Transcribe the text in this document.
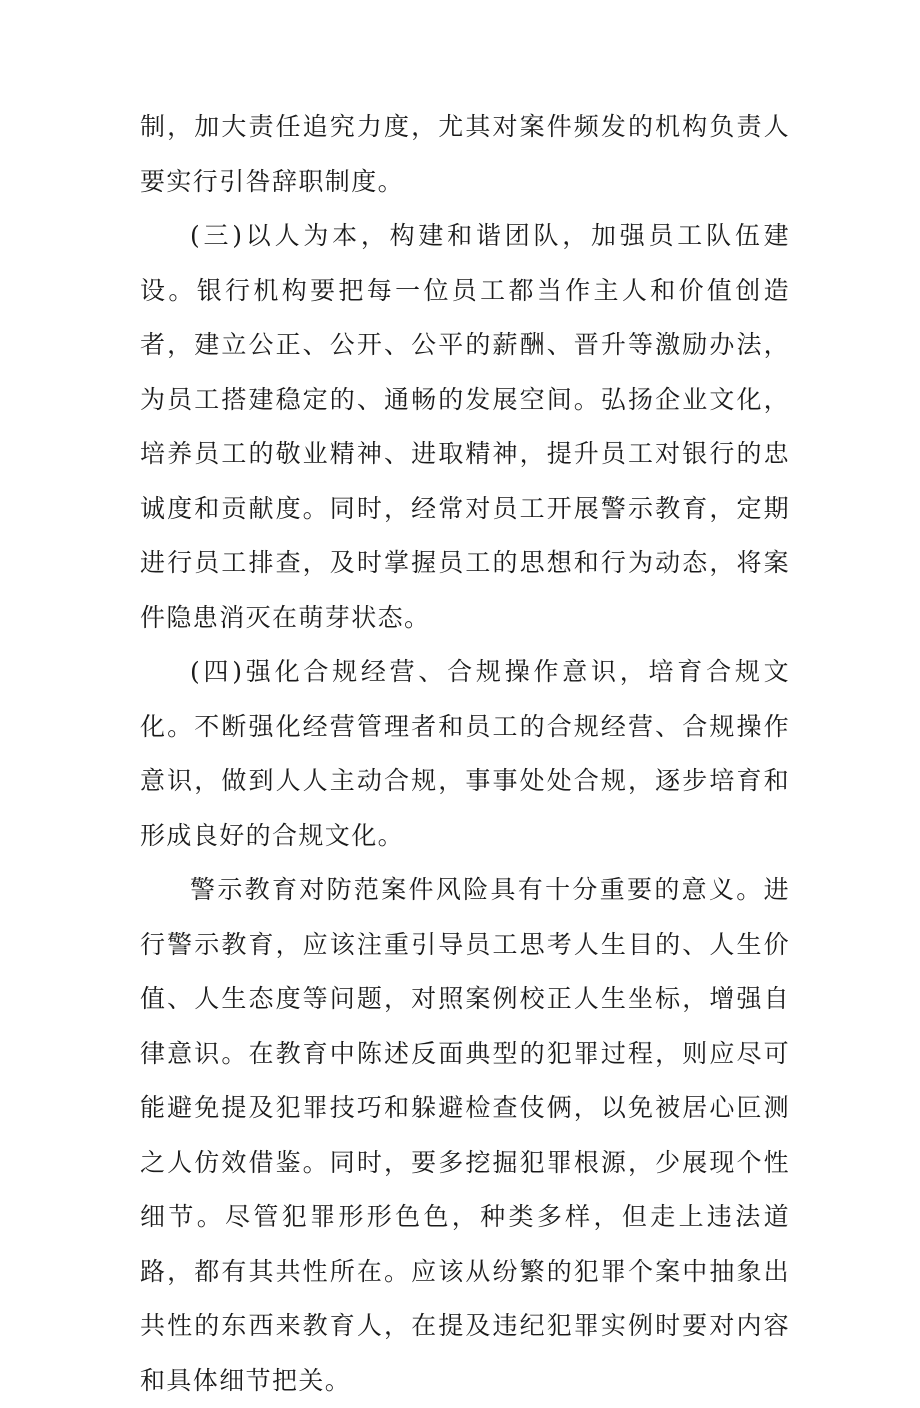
制，加大责任追究力度，尤其对案件频发的机构负责人要实行引咎辞职制度。

(三)以人为本，构建和谐团队，加强员工队伍建设。银行机构要把每一位员工都当作主人和价值创造者，建立公正、公开、公平的薪酬、晋升等激励办法，为员工搭建稳定的、通畅的发展空间。弘扬企业文化，培养员工的敬业精神、进取精神，提升员工对银行的忠诚度和贡献度。同时，经常对员工开展警示教育，定期进行员工排查，及时掌握员工的思想和行为动态，将案件隐患消灭在萌芽状态。

(四)强化合规经营、合规操作意识，培育合规文化。不断强化经营管理者和员工的合规经营、合规操作意识，做到人人主动合规，事事处处合规，逐步培育和形成良好的合规文化。

警示教育对防范案件风险具有十分重要的意义。进行警示教育，应该注重引导员工思考人生目的、人生价值、人生态度等问题，对照案例校正人生坐标，增强自律意识。在教育中陈述反面典型的犯罪过程，则应尽可能避免提及犯罪技巧和躲避检查伎俩，以免被居心叵测之人仿效借鉴。同时，要多挖掘犯罪根源，少展现个性细节。尽管犯罪形形色色，种类多样，但走上违法道路，都有其共性所在。应该从纷繁的犯罪个案中抽象出共性的东西来教育人，在提及违纪犯罪实例时要对内容和具体细节把关。
